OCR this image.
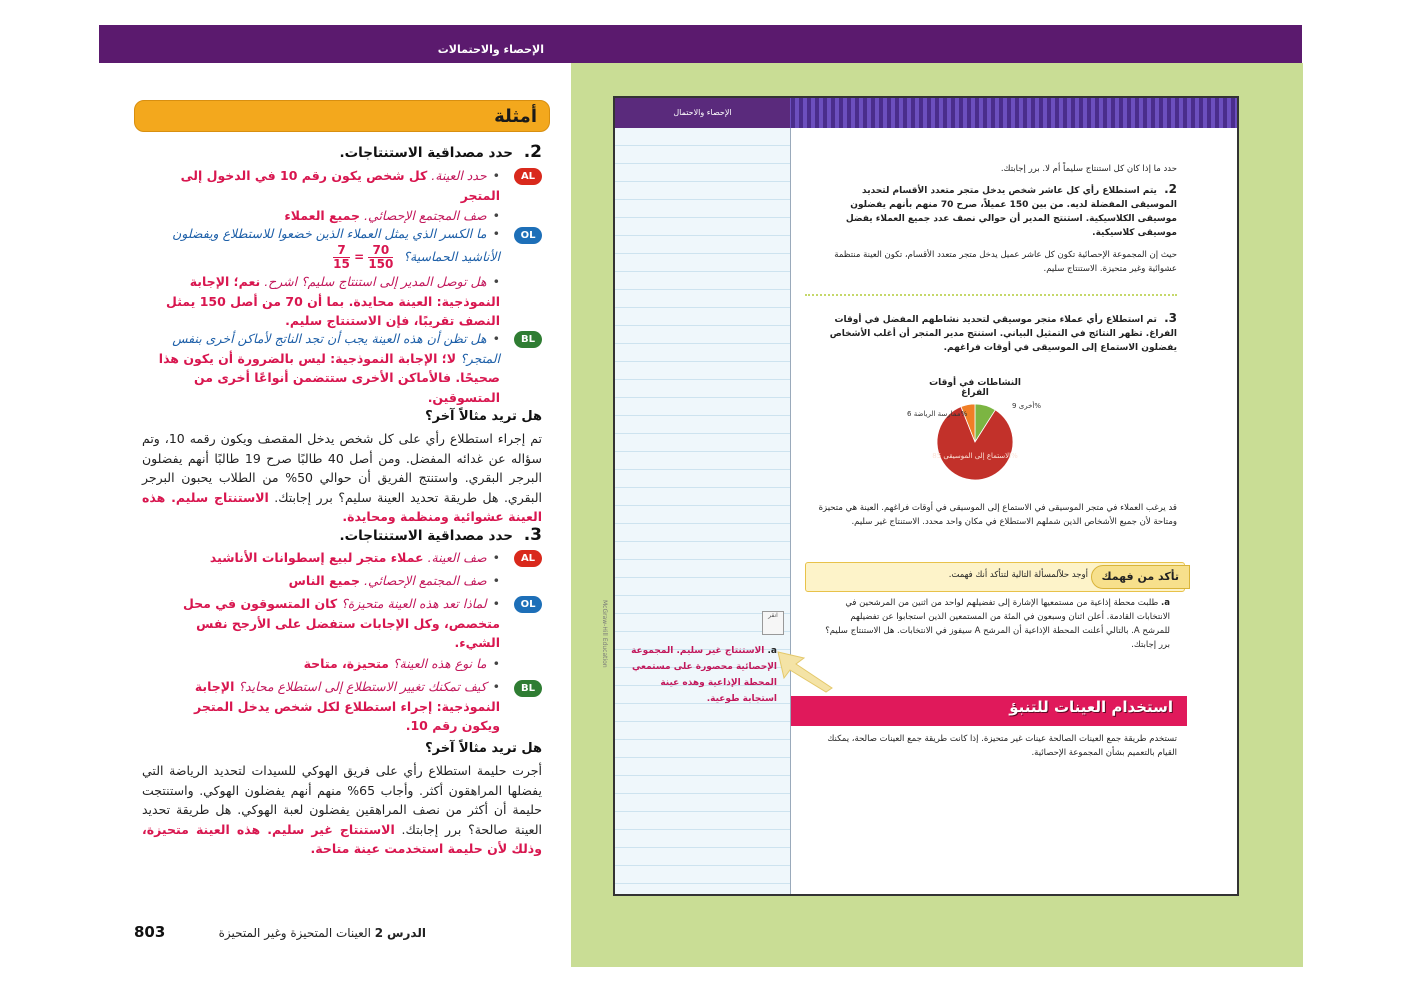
الإحصاء والاحتمالات
أمثلة
2. حدد مصداقية الاستنتاجات.
AL
•حدد العينة. كل شخص يكون رقم 10 في الدخول إلى المتجر
•صف المجتمع الإحصائي. جميع العملاء
OL
•ما الكسر الذي يمثل العملاء الذين خضعوا للاستطلاع ويفضلون الأناشيد الحماسية؟
$\frac{70}{150}$
=
$\frac{7}{15}$
•هل توصل المدير إلى استنتاج سليم؟ اشرح. نعم؛ الإجابة النموذجية: العينة محايدة. بما أن 70 من أصل 150 يمثل النصف تقريبًا، فإن الاستنتاج سليم.
BL
•هل تظن أن هذه العينة يجب أن تجد الناتج لأماكن أخرى بنفس المتجر؟ لا؛ الإجابة النموذجية: ليس بالضرورة أن يكون هذا صحيحًا. فالأماكن الأخرى ستتضمن أنواعًا أخرى من المتسوقين.
هل تريد مثالاً آخر؟
تم إجراء استطلاع رأي على كل شخص يدخل المقصف ويكون رقمه 10، وتم سؤاله عن غدائه المفضل. ومن أصل 40 طالبًا صرح 19 طالبًا أنهم يفضلون البرجر البقري. واستنتج الفريق أن حوالي 50% من الطلاب يحبون البرجر البقري. هل طريقة تحديد العينة سليم؟ برر إجابتك. الاستنتاج سليم. هذه العينة عشوائية ومنظمة ومحايدة.
3. حدد مصداقية الاستنتاجات.
AL
•صف العينة. عملاء متجر لبيع إسطوانات الأناشيد
•صف المجتمع الإحصائي. جميع الناس
OL
•لماذا تعد هذه العينة متحيزة؟ كان المتسوقون في محل متخصص، وكل الإجابات ستفضل على الأرجح نفس الشيء.
•ما نوع هذه العينة؟ متحيزة، متاحة
BL
•كيف تمكنك تغيير الاستطلاع إلى استطلاع محايد؟ الإجابة النموذجية: إجراء استطلاع لكل شخص يدخل المتجر ويكون رقم 10.
هل تريد مثالاً آخر؟
أجرت حليمة استطلاع رأي على فريق الهوكي للسيدات لتحديد الرياضة التي يفضلها المراهقون أكثر. وأجاب 65% منهم أنهم يفضلون الهوكي. واستنتجت حليمة أن أكثر من نصف المراهقين يفضلون لعبة الهوكي. هل طريقة تحديد العينة صالحة؟ برر إجابتك. الاستنتاج غير سليم. هذه العينة متحيزة، وذلك لأن حليمة استخدمت عينة متاحة.
803	الدرس 2 العينات المتحيزة وغير المتحيزة
الإحصاء والاحتمال
حدد ما إذا كان كل استنتاج سليماً أم لا. برر إجابتك.
2. يتم استطلاع رأي كل عاشر شخص يدخل متجر متعدد الأقسام لتحديد الموسيقى المفضلة لديه. من بين 150 عميلاً، صرح 70 منهم بأنهم يفضلون موسيقى الكلاسيكية. استنتج المدير أن حوالي نصف عدد جميع العملاء يفضل موسيقى كلاسيكية.
حيث إن المجموعة الإحصائية تكون كل عاشر عميل يدخل متجر متعدد الأقسام، تكون العينة منتظمة عشوائية وغير متحيزة. الاستنتاج سليم.
3. تم استطلاع رأي عملاء متجر موسيقي لتحديد نشاطهم المفضل في أوقات الفراغ. تظهر النتائج في التمثيل البياني. استنتج مدير المتجر أن أغلب الأشخاص يفضلون الاستماع إلى الموسيقى في أوقات فراغهم.
النشاطات في أوقات الفراغ
أخرى 9%
ممارسة الرياضة 6%
الاستماع إلى الموسيقى 85%
قد يرغب العملاء في متجر الموسيقى في الاستماع إلى الموسيقى في أوقات فراغهم. العينة هي متحيزة ومتاحة لأن جميع الأشخاص الذين شملهم الاستطلاع في مكان واحد محدد. الاستنتاج غير سليم.
تأكد من فهمك
أوجد حلاًلمسألة التالية لتتأكد أنك فهمت.
a. طلبت محطة إذاعية من مستمعيها الإشارة إلى تفضيلهم لواحد من اثنين من المرشحين في الانتخابات القادمة. أعلن اثنان وسبعون في المئة من المستمعين الذين استجابوا عن تفضيلهم للمرشح A. بالتالي أعلنت المحطة الإذاعية أن المرشح A سيفوز في الانتخابات. هل الاستنتاج سليم؟ برر إجابتك.
استخدام العينات للتنبؤ
تستخدم طريقة جمع العينات الصالحة عينات غير متحيزة. إذا كانت طريقة جمع العينات صالحة، يمكنك القيام بالتعميم بشأن المجموعة الإحصائية.
a. الاستنتاج غير سليم. المجموعة الإحصائية محصورة على مستمعي المحطة الإذاعية وهذه عينة استجابة طوعية.
McGraw-Hill Education	انقر
